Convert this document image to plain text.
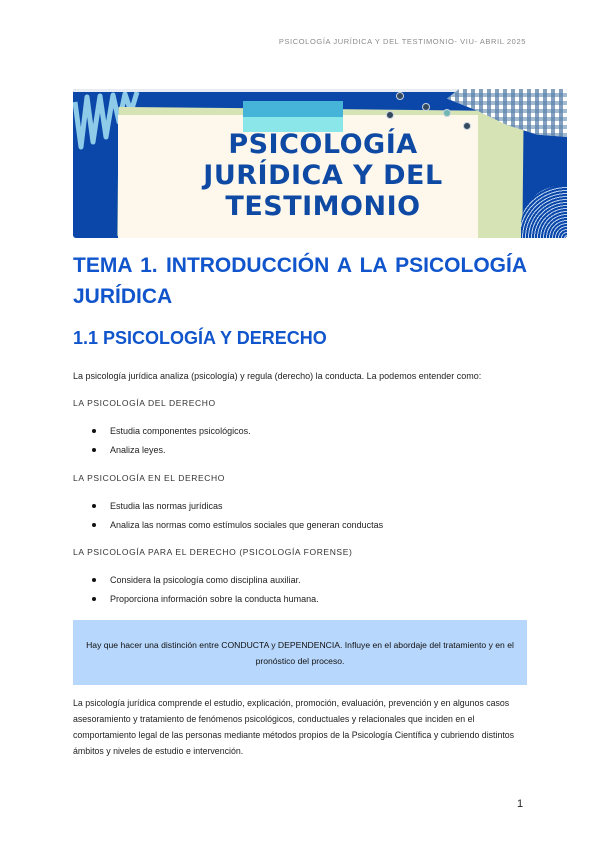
PSICOLOGÍA JURÍDICA Y DEL TESTIMONIO- VIU- ABRIL 2025
PSICOLOGÍA
JURÍDICA Y DEL
TESTIMONIO
TEMA 1. INTRODUCCIÓN A LA PSICOLOGÍA JURÍDICA
1.1 PSICOLOGÍA Y DERECHO
La psicología jurídica analiza (psicología) y regula (derecho) la conducta. La podemos entender como:
LA PSICOLOGÍA DEL DERECHO
Estudia componentes psicológicos.
Analiza leyes.
LA PSICOLOGÍA EN EL DERECHO
Estudia las normas jurídicas
Analiza las normas como estímulos sociales que generan conductas
LA PSICOLOGÍA PARA EL DERECHO (PSICOLOGÍA FORENSE)
Considera la psicología como disciplina auxiliar.
Proporciona información sobre la conducta humana.
Hay que hacer una distinción entre CONDUCTA y DEPENDENCIA. Influye en el abordaje del tratamiento y en el pronóstico del proceso.
La psicología jurídica comprende el estudio, explicación, promoción, evaluación, prevención y en algunos casos asesoramiento y tratamiento de fenómenos psicológicos, conductuales y relacionales que inciden en el comportamiento legal de las personas mediante métodos propios de la Psicología Científica y cubriendo distintos ámbitos y niveles de estudio e intervención.
1
